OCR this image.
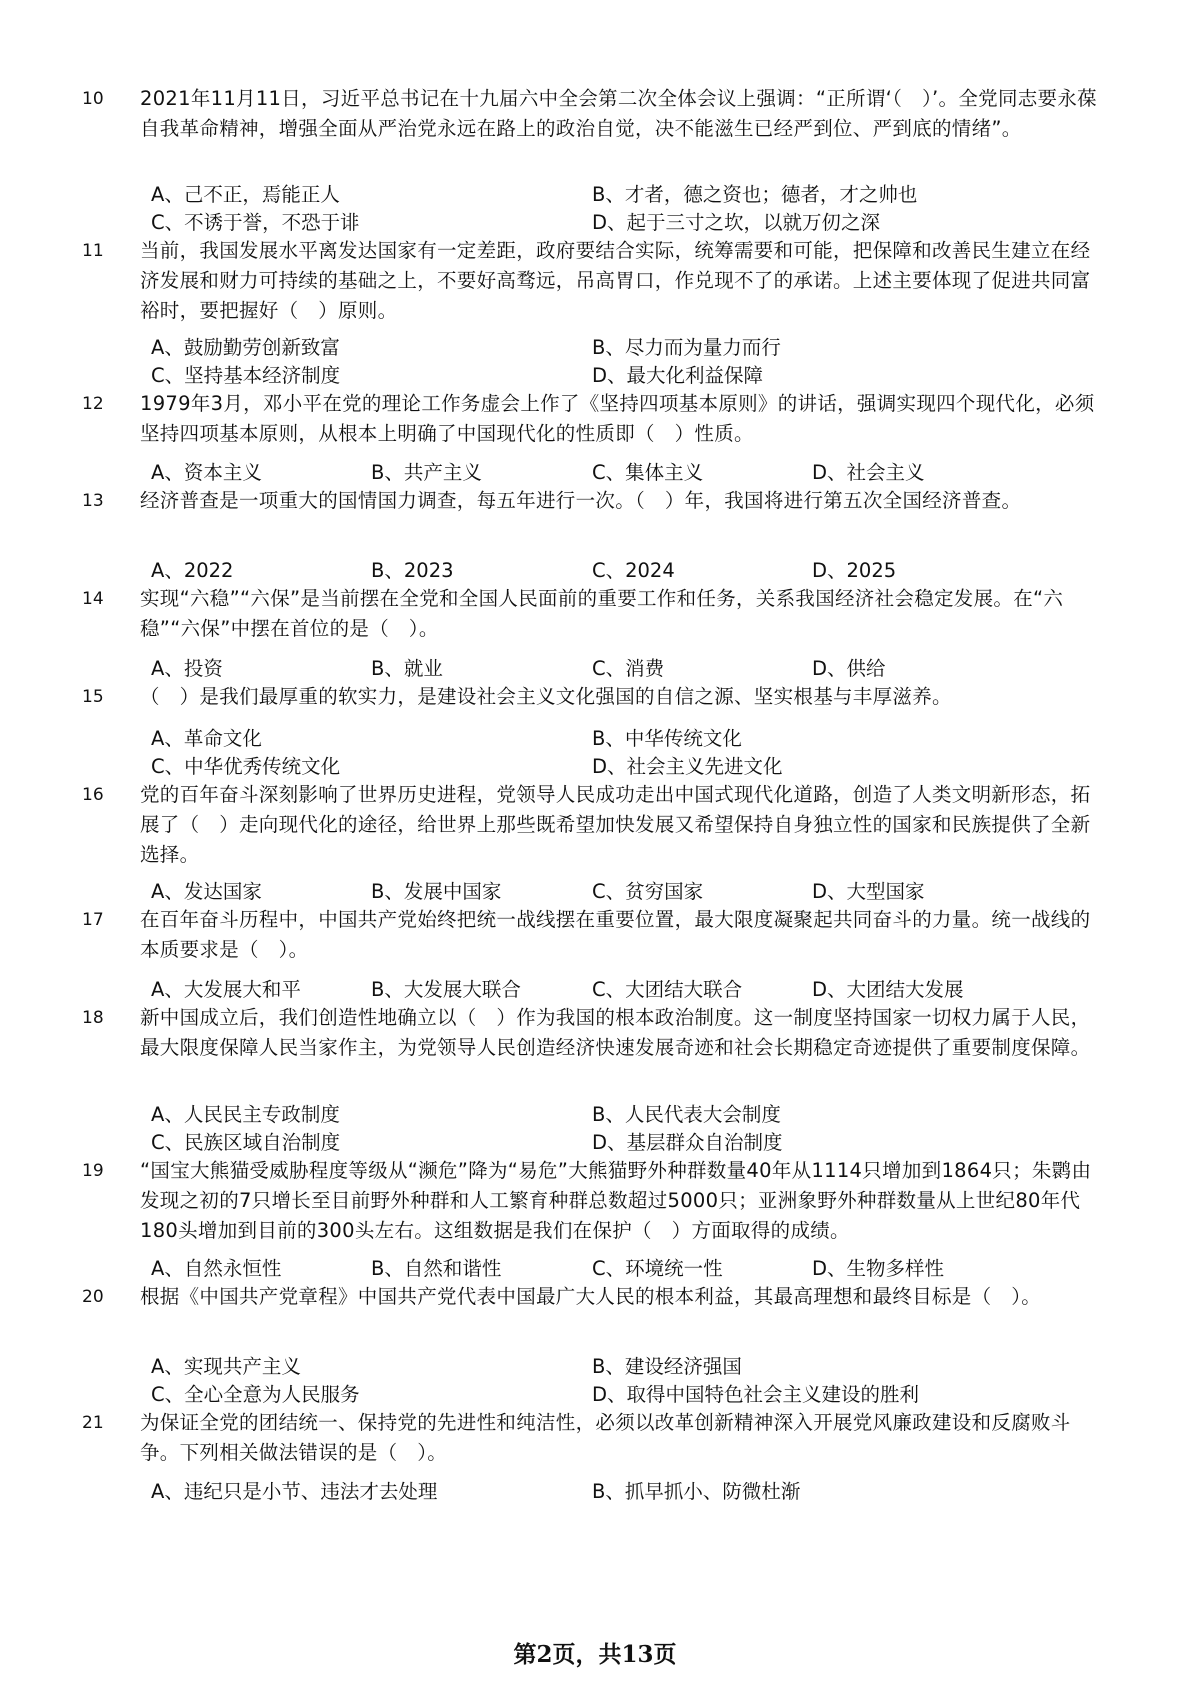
10	2021年11月11日，习近平总书记在十九届六中全会第二次全体会议上强调：“正所谓‘（　）’。全党同志要永葆自我革命精神，增强全面从严治党永远在路上的政治自觉，决不能滋生已经严到位、严到底的情绪”。
A、己不正，焉能正人	B、才者，德之资也；德者，才之帅也
C、不诱于誉，不恐于诽	D、起于三寸之坎，以就万仞之深
11	当前，我国发展水平离发达国家有一定差距，政府要结合实际，统筹需要和可能，把保障和改善民生建立在经济发展和财力可持续的基础之上，不要好高骛远，吊高胃口，作兑现不了的承诺。上述主要体现了促进共同富裕时，要把握好（　）原则。
A、鼓励勤劳创新致富	B、尽力而为量力而行
C、坚持基本经济制度	D、最大化利益保障
12	1979年3月，邓小平在党的理论工作务虚会上作了《坚持四项基本原则》的讲话，强调实现四个现代化，必须坚持四项基本原则，从根本上明确了中国现代化的性质即（　）性质。
A、资本主义	B、共产主义	C、集体主义	D、社会主义
13	经济普查是一项重大的国情国力调查，每五年进行一次。（　）年，我国将进行第五次全国经济普查。
A、2022	B、2023	C、2024	D、2025
14	实现“六稳”“六保”是当前摆在全党和全国人民面前的重要工作和任务，关系我国经济社会稳定发展。在“六稳”“六保”中摆在首位的是（　）。
A、投资	B、就业	C、消费	D、供给
15	（　）是我们最厚重的软实力，是建设社会主义文化强国的自信之源、坚实根基与丰厚滋养。
A、革命文化	B、中华传统文化
C、中华优秀传统文化	D、社会主义先进文化
16	党的百年奋斗深刻影响了世界历史进程，党领导人民成功走出中国式现代化道路，创造了人类文明新形态，拓展了（　）走向现代化的途径，给世界上那些既希望加快发展又希望保持自身独立性的国家和民族提供了全新选择。
A、发达国家	B、发展中国家	C、贫穷国家	D、大型国家
17	在百年奋斗历程中，中国共产党始终把统一战线摆在重要位置，最大限度凝聚起共同奋斗的力量。统一战线的本质要求是（　）。
A、大发展大和平	B、大发展大联合	C、大团结大联合	D、大团结大发展
18	新中国成立后，我们创造性地确立以（　）作为我国的根本政治制度。这一制度坚持国家一切权力属于人民，最大限度保障人民当家作主，为党领导人民创造经济快速发展奇迹和社会长期稳定奇迹提供了重要制度保障。
A、人民民主专政制度	B、人民代表大会制度
C、民族区域自治制度	D、基层群众自治制度
19	“国宝大熊猫受威胁程度等级从“濒危”降为“易危”大熊猫野外种群数量40年从1114只增加到1864只；朱鹮由发现之初的7只增长至目前野外种群和人工繁育种群总数超过5000只；亚洲象野外种群数量从上世纪80年代180头增加到目前的300头左右。这组数据是我们在保护（　）方面取得的成绩。
A、自然永恒性	B、自然和谐性	C、环境统一性	D、生物多样性
20	根据《中国共产党章程》中国共产党代表中国最广大人民的根本利益，其最高理想和最终目标是（　）。
A、实现共产主义	B、建设经济强国
C、全心全意为人民服务	D、取得中国特色社会主义建设的胜利
21	为保证全党的团结统一、保持党的先进性和纯洁性，必须以改革创新精神深入开展党风廉政建设和反腐败斗争。下列相关做法错误的是（　）。
A、违纪只是小节、违法才去处理	B、抓早抓小、防微杜渐
第2页，共13页
